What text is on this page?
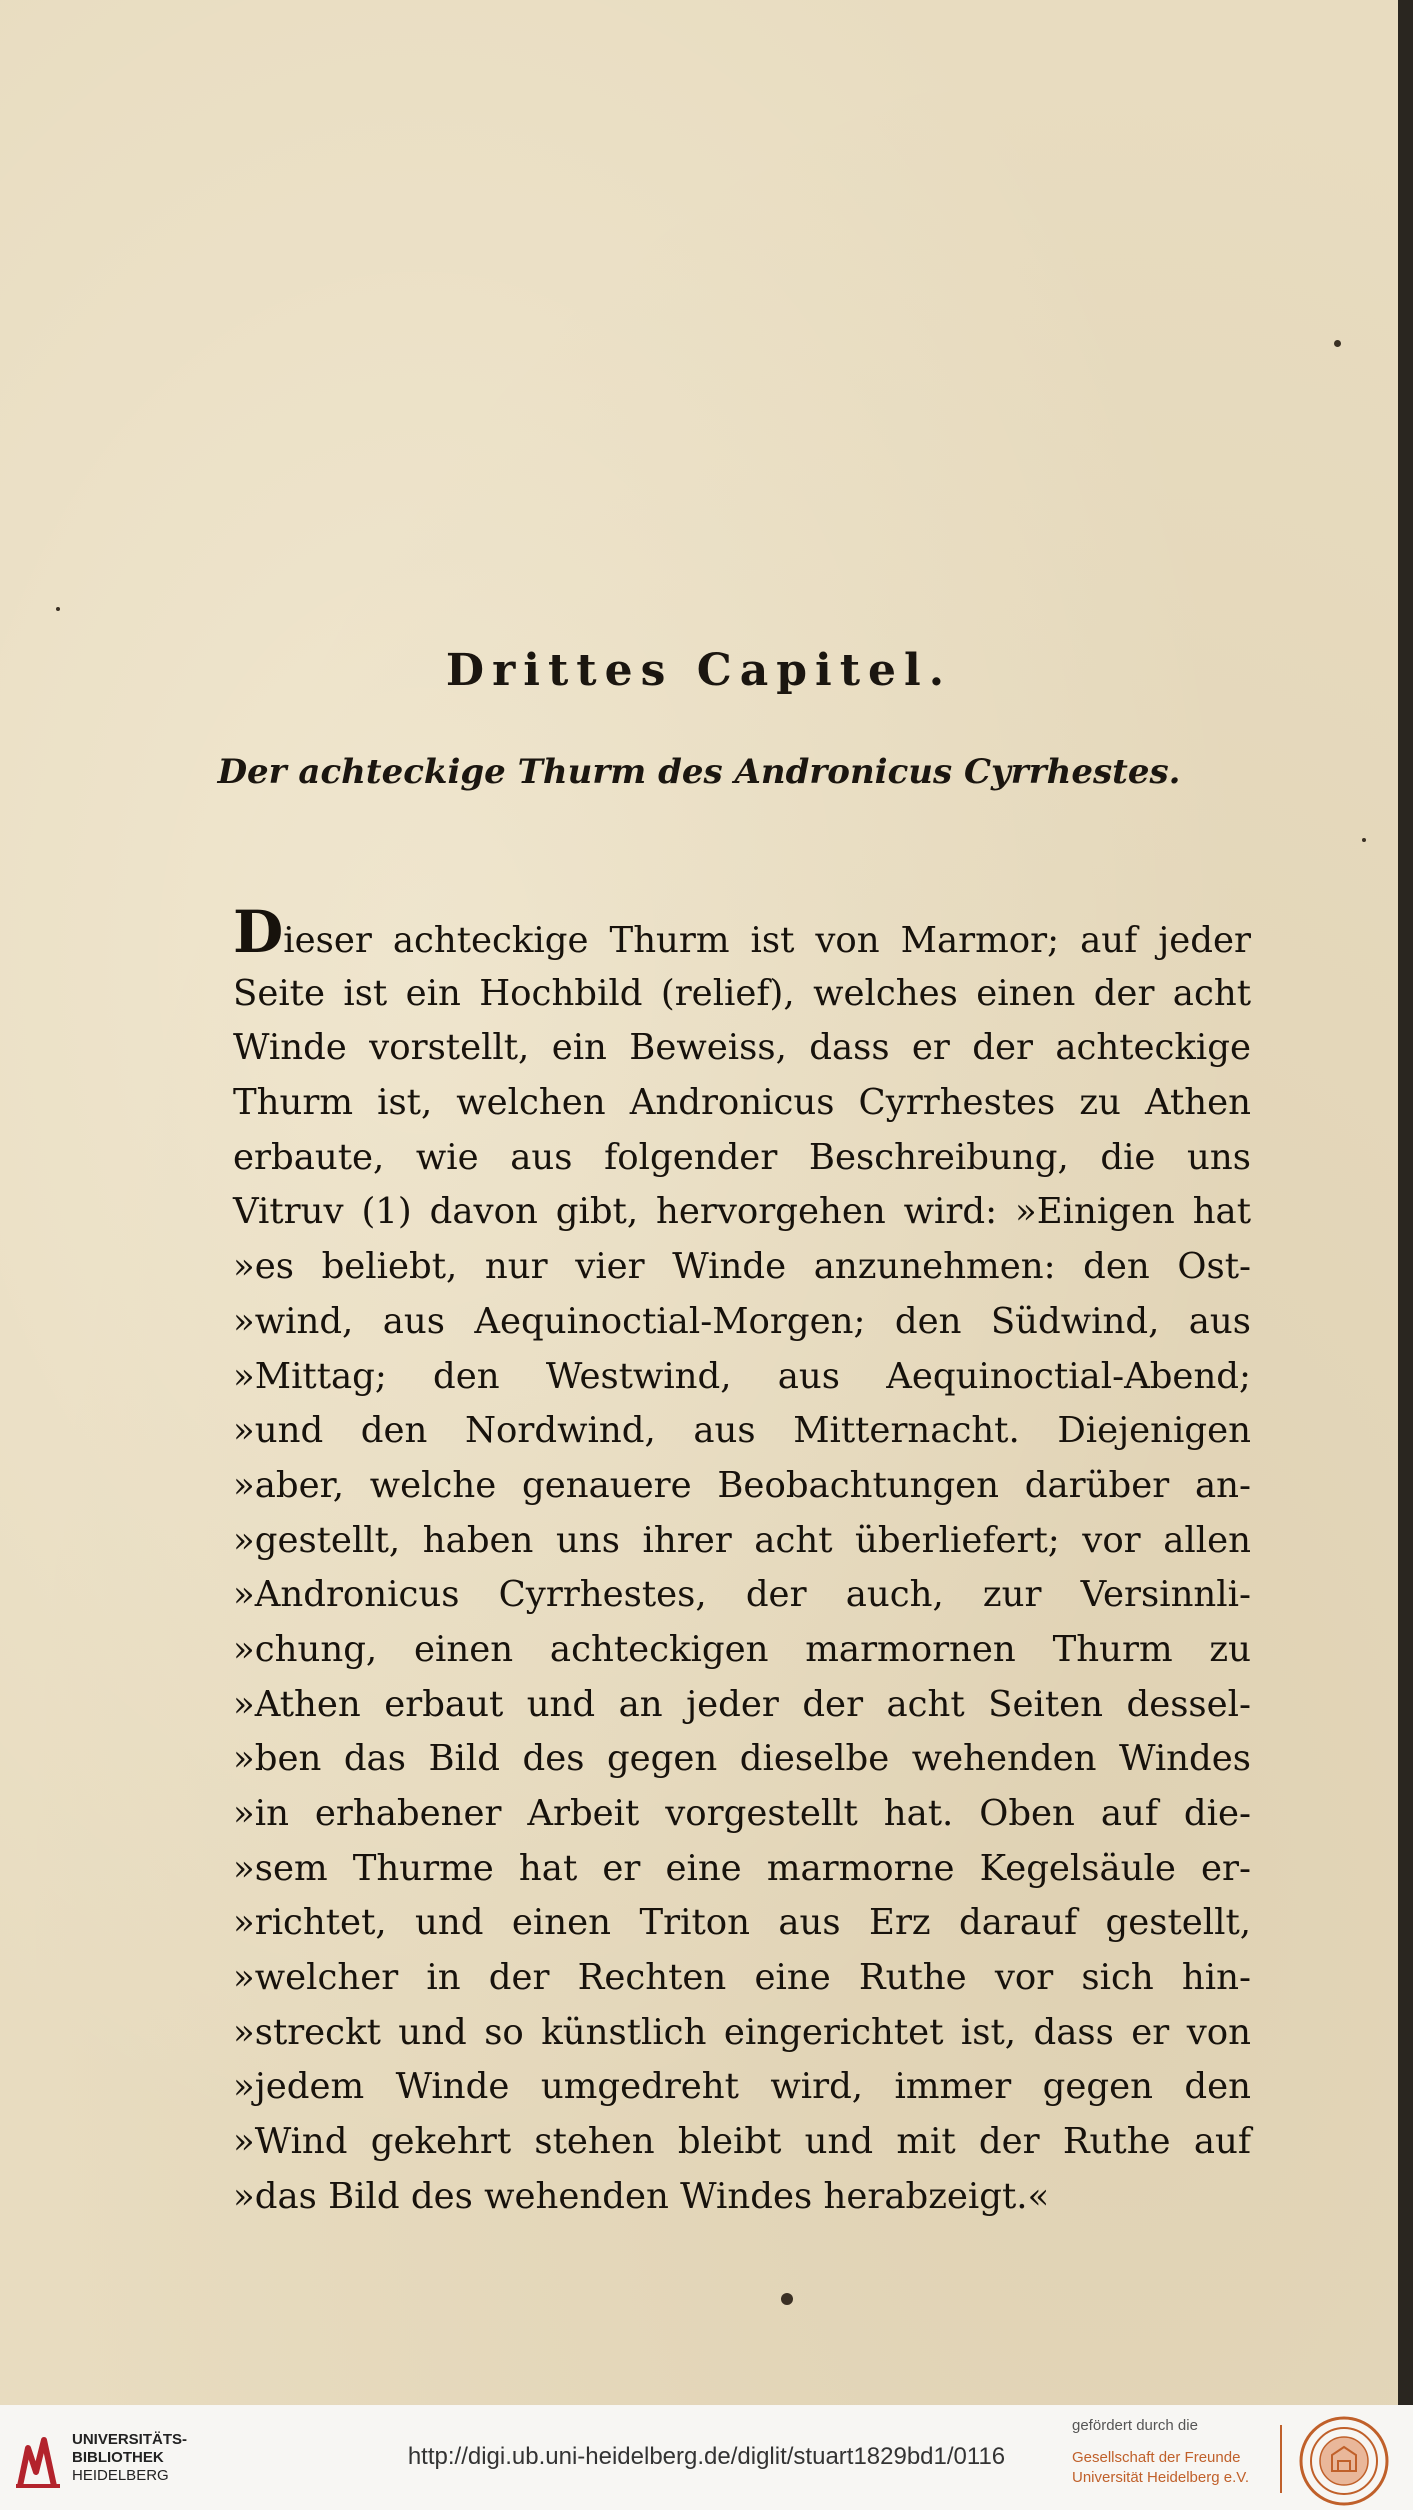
Drittes Capitel.
Der achteckige Thurm des Andronicus Cyrrhestes.
Dieser achteckige Thurm ist von Marmor; auf jeder
Seite ist ein Hochbild (relief), welches einen der acht
Winde vorstellt, ein Beweiss, dass er der achteckige
Thurm ist, welchen Andronicus Cyrrhestes zu Athen
erbaute, wie aus folgender Beschreibung, die uns
Vitruv (1) davon gibt, hervorgehen wird: »Einigen hat
»es beliebt, nur vier Winde anzunehmen: den Ost-
»wind, aus Aequinoctial-Morgen; den Südwind, aus
»Mittag; den Westwind, aus Aequinoctial-Abend;
»und den Nordwind, aus Mitternacht. Diejenigen
»aber, welche genauere Beobachtungen darüber an-
»gestellt, haben uns ihrer acht überliefert; vor allen
»Andronicus Cyrrhestes, der auch, zur Versinnli-
»chung, einen achteckigen marmornen Thurm zu
»Athen erbaut und an jeder der acht Seiten dessel-
»ben das Bild des gegen dieselbe wehenden Windes
»in erhabener Arbeit vorgestellt hat. Oben auf die-
»sem Thurme hat er eine marmorne Kegelsäule er-
»richtet, und einen Triton aus Erz darauf gestellt,
»welcher in der Rechten eine Ruthe vor sich hin-
»streckt und so künstlich eingerichtet ist, dass er von
»jedem Winde umgedreht wird, immer gegen den
»Wind gekehrt stehen bleibt und mit der Ruthe auf
»das Bild des wehenden Windes herabzeigt.«
UNIVERSITÄTS-
BIBLIOTHEK
HEIDELBERG
http://digi.ub.uni-heidelberg.de/diglit/stuart1829bd1/0116
gefördert durch die
Gesellschaft der Freunde
Universität Heidelberg e.V.
